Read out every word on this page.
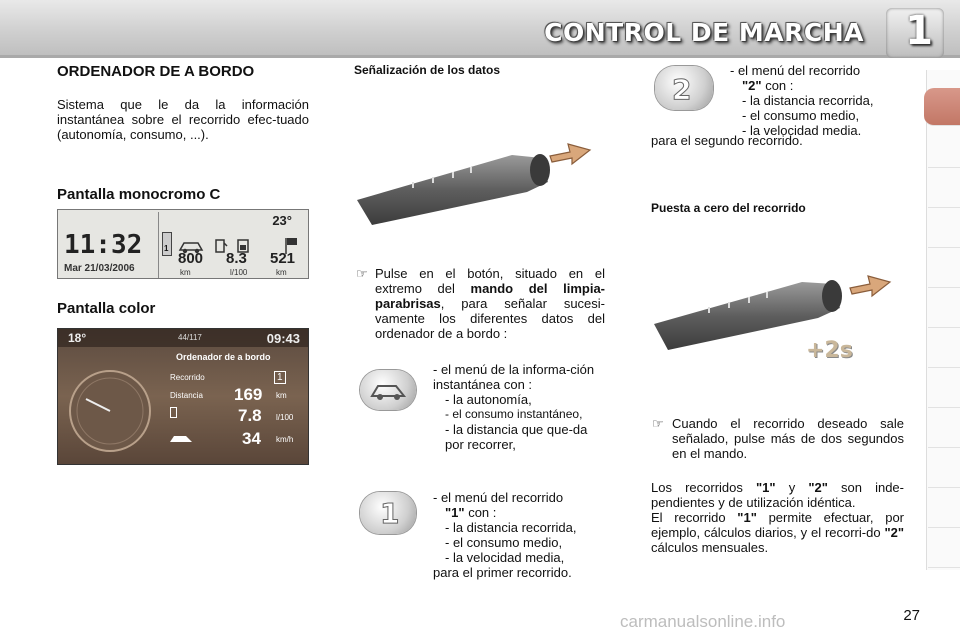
CONTROL DE MARCHA 1
ORDENADOR DE A BORDO
Sistema que le da la información instantánea sobre el recorrido efec-tuado (autonomía, consumo, ...).
Pantalla monocromo C
11:32
Mar 21/03/2006
23°
1
800 8.3 521
km	l/100	km
Pantalla color
18°	44/117	09:43
Ordenador de a bordo
Recorrido	1
Distancia 169 km
7.8 l/100
34 km/h
Señalización de los datos
☞ Pulse en el botón, situado en el extremo del mando del limpia-parabrisas, para señalar sucesi-vamente los diferentes datos del ordenador de a bordo :
- el menú de la informa-ción instantánea con :
- la autonomía,
- el consumo instantáneo,
- la distancia que que-da por recorrer,
1	- el menú del recorrido
"1" con :
- la distancia recorrida,
- el consumo medio,
- la velocidad media,
para el primer recorrido.
2
- el menú del recorrido
"2" con :
- la distancia recorrida,
- el consumo medio,
- la velocidad media.
para el segundo recorrido.
Puesta a cero del recorrido
+2s
☞ Cuando el recorrido deseado sale señalado, pulse más de dos segundos en el mando.
Los recorridos "1" y "2" son inde-pendientes y de utilización idéntica.
El recorrido "1" permite efectuar, por ejemplo, cálculos diarios, y el recorri-do "2" cálculos mensuales.
carmanualsonline.info	27
